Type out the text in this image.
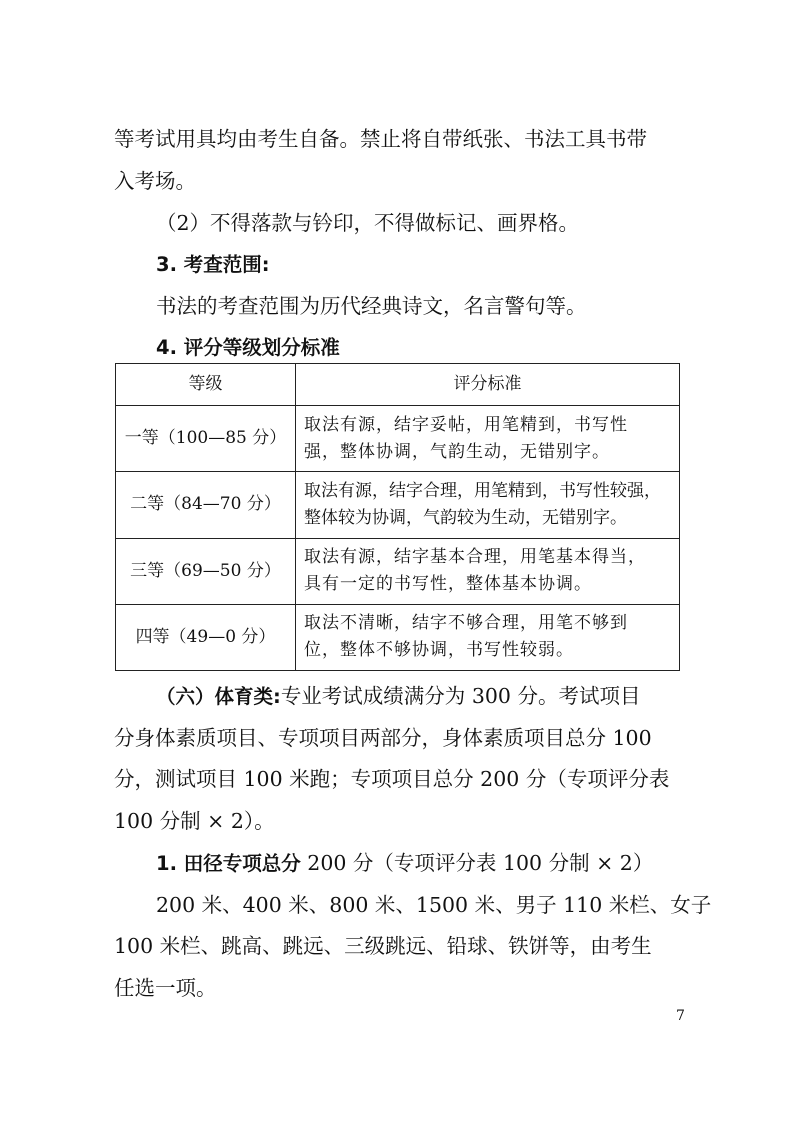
等考试用具均由考生自备。禁止将自带纸张、书法工具书带
入考场。
（2）不得落款与钤印，不得做标记、画界格。
3. 考查范围:
书法的考查范围为历代经典诗文，名言警句等。
4. 评分等级划分标准
等级	评分标准
一等（100—85 分）	取法有源，结字妥帖，用笔精到，书写性
强，整体协调，气韵生动，无错别字。
二等（84—70 分）	取法有源，结字合理，用笔精到，书写性较强，
整体较为协调，气韵较为生动，无错别字。
三等（69—50 分）	取法有源，结字基本合理，用笔基本得当，
具有一定的书写性，整体基本协调。
四等（49—0 分）	取法不清晰，结字不够合理，用笔不够到
位，整体不够协调，书写性较弱。
（六）体育类:专业考试成绩满分为 300 分。考试项目
分身体素质项目、专项项目两部分，身体素质项目总分 100
分，测试项目 100 米跑；专项项目总分 200 分（专项评分表
100 分制 × 2）。
1. 田径专项总分 200 分（专项评分表 100 分制 × 2）
200 米、400 米、800 米、1500 米、男子 110 米栏、女子
100 米栏、跳高、跳远、三级跳远、铅球、铁饼等，由考生
任选一项。
7
